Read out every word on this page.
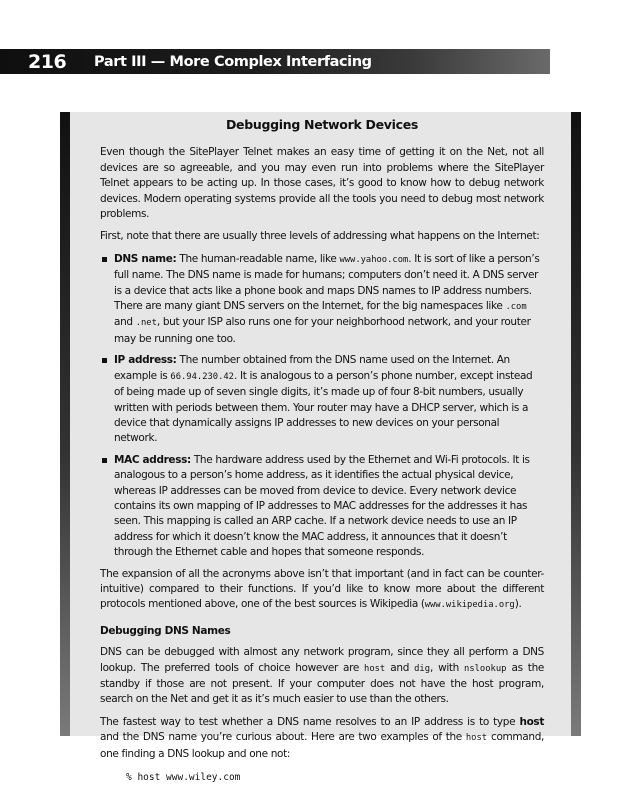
216	Part III — More Complex Interfacing
Debugging Network Devices

Even though the SitePlayer Telnet makes an easy time of getting it on the Net, not all devices are so agreeable, and you may even run into problems where the SitePlayer Telnet appears to be acting up. In those cases, it’s good to know how to debug network devices. Modern operating systems provide all the tools you need to debug most network problems.

First, note that there are usually three levels of addressing what happens on the Internet:

DNS name: The human-readable name, like www.yahoo.com. It is sort of like a person’s full name. The DNS name is made for humans; computers don’t need it. A DNS server is a device that acts like a phone book and maps DNS names to IP address numbers. There are many giant DNS servers on the Internet, for the big namespaces like .com and .net, but your ISP also runs one for your neighborhood network, and your router may be running one too.
IP address: The number obtained from the DNS name used on the Internet. An example is 66.94.230.42. It is analogous to a person’s phone number, except instead of being made up of seven single digits, it’s made up of four 8-bit numbers, usually written with periods between them. Your router may have a DHCP server, which is a device that dynamically assigns IP addresses to new devices on your personal network.
MAC address: The hardware address used by the Ethernet and Wi-Fi protocols. It is analogous to a person’s home address, as it identifies the actual physical device, whereas IP addresses can be moved from device to device. Every network device contains its own mapping of IP addresses to MAC addresses for the addresses it has seen. This mapping is called an ARP cache. If a network device needs to use an IP address for which it doesn’t know the MAC address, it announces that it doesn’t through the Ethernet cable and hopes that someone responds.

The expansion of all the acronyms above isn’t that important (and in fact can be counter-intuitive) compared to their functions. If you’d like to know more about the different protocols mentioned above, one of the best sources is Wikipedia (www.wikipedia.org).

Debugging DNS Names

DNS can be debugged with almost any network program, since they all perform a DNS lookup. The preferred tools of choice however are host and dig, with nslookup as the standby if those are not present. If your computer does not have the host program, search on the Net and get it as it’s much easier to use than the others.

The fastest way to test whether a DNS name resolves to an IP address is to type host and the DNS name you’re curious about. Here are two examples of the host command, one finding a DNS lookup and one not:

% host www.wiley.com
